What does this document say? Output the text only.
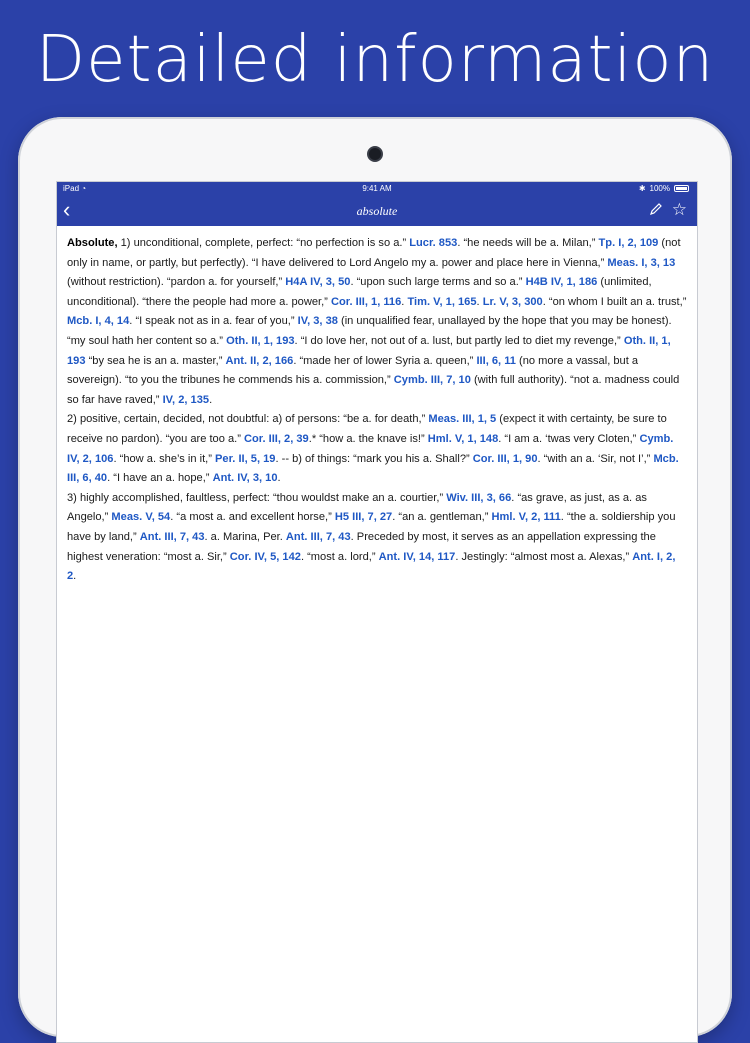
Detailed information
iPad ◔	9:41 AM	✱ 100%
‹	absolute	☆

Absolute, 1) unconditional, complete, perfect: “no perfection is so a.” Lucr. 853. “he needs will be a. Milan,” Tp. I, 2, 109 (not only in name, or partly, but perfectly). “I have delivered to Lord Angelo my a. power and place here in Vienna,” Meas. I, 3, 13 (without restriction). “pardon a. for yourself,” H4A IV, 3, 50. “upon such large terms and so a.” H4B IV, 1, 186 (unlimited, unconditional). “there the people had more a. power,” Cor. III, 1, 116. Tim. V, 1, 165. Lr. V, 3, 300. “on whom I built an a. trust,” Mcb. I, 4, 14. “I speak not as in a. fear of you,” IV, 3, 38 (in unqualified fear, unallayed by the hope that you may be honest). “my soul hath her content so a.” Oth. II, 1, 193. “I do love her, not out of a. lust, but partly led to diet my revenge,” Oth. II, 1, 193 “by sea he is an a. master,” Ant. II, 2, 166. “made her of lower Syria a. queen,” III, 6, 11 (no more a vassal, but a sovereign). “to you the tribunes he commends his a. commission,” Cymb. III, 7, 10 (with full authority). “not a. madness could so far have raved,” IV, 2, 135.

2) positive, certain, decided, not doubtful: a) of persons: “be a. for death,” Meas. III, 1, 5 (expect it with certainty, be sure to receive no pardon). “you are too a.” Cor. III, 2, 39.* “how a. the knave is!” Hml. V, 1, 148. “I am a. ‘twas very Cloten,” Cymb. IV, 2, 106. “how a. she’s in it,” Per. II, 5, 19. -- b) of things: “mark you his a. Shall?” Cor. III, 1, 90. “with an a. ‘Sir, not I’,” Mcb. III, 6, 40. “I have an a. hope,” Ant. IV, 3, 10.

3) highly accomplished, faultless, perfect: “thou wouldst make an a. courtier,” Wiv. III, 3, 66. “as grave, as just, as a. as Angelo,” Meas. V, 54. “a most a. and excellent horse,” H5 III, 7, 27. “an a. gentleman,” Hml. V, 2, 111. “the a. soldiership you have by land,” Ant. III, 7, 43. a. Marina, Per. Ant. III, 7, 43. Preceded by most, it serves as an appellation expressing the highest veneration: “most a. Sir,” Cor. IV, 5, 142. “most a. lord,” Ant. IV, 14, 117. Jestingly: “almost most a. Alexas,” Ant. I, 2, 2.
